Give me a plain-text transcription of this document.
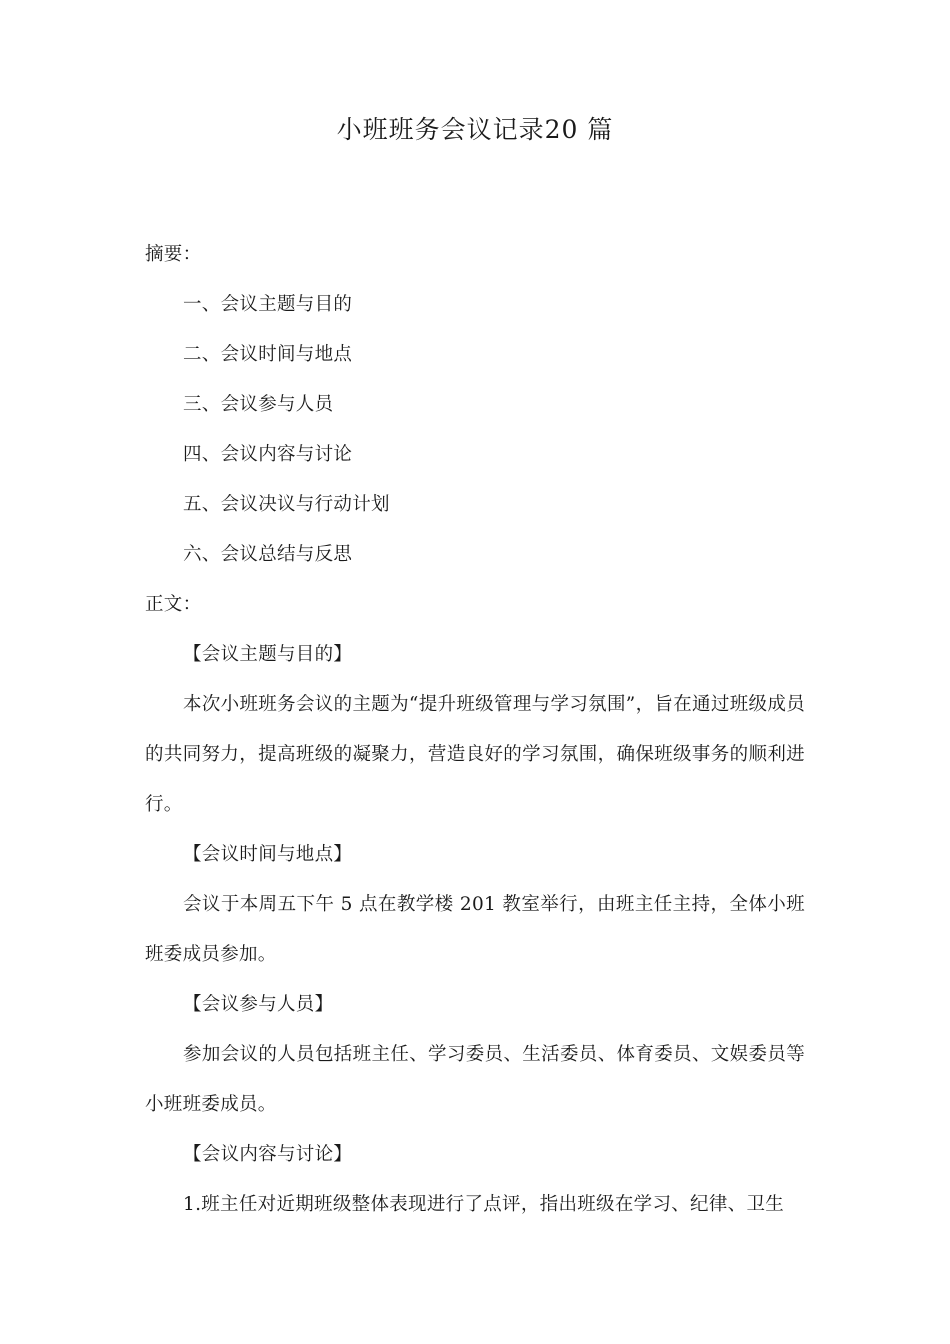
小班班务会议记录20 篇

摘要：

一、会议主题与目的

二、会议时间与地点

三、会议参与人员

四、会议内容与讨论

五、会议决议与行动计划

六、会议总结与反思

正文：

【会议主题与目的】

本次小班班务会议的主题为“提升班级管理与学习氛围”，旨在通过班级成员的共同努力，提高班级的凝聚力，营造良好的学习氛围，确保班级事务的顺利进行。

【会议时间与地点】

会议于本周五下午 5 点在教学楼 201 教室举行，由班主任主持，全体小班班委成员参加。

【会议参与人员】

参加会议的人员包括班主任、学习委员、生活委员、体育委员、文娱委员等小班班委成员。

【会议内容与讨论】

1.班主任对近期班级整体表现进行了点评，指出班级在学习、纪律、卫生
